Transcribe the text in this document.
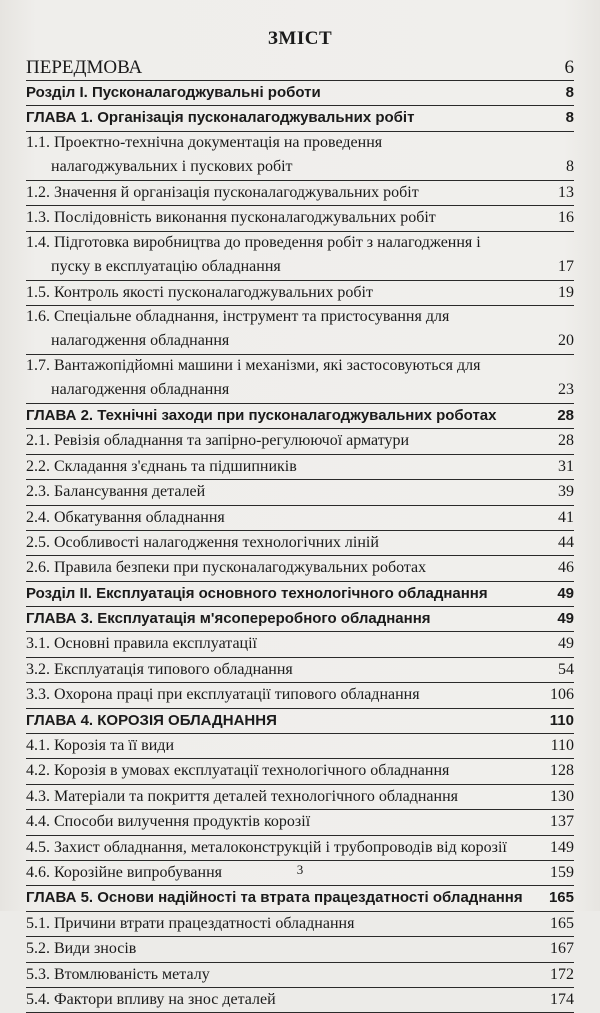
ЗМІСТ
ПЕРЕДМОВА	6
Розділ І. Пусконалагоджувальні роботи	8
ГЛАВА 1. Організація пусконалагоджувальних робіт	8
1.1. Проектно-технічна документація на проведення
налагоджувальних і пускових робіт	8
1.2. Значення й організація пусконалагоджувальних робіт	13
1.3. Послідовність виконання пусконалагоджувальних робіт	16
1.4. Підготовка виробництва до проведення робіт з налагодження і
пуску в експлуатацію обладнання	17
1.5. Контроль якості пусконалагоджувальних робіт	19
1.6. Спеціальне обладнання, інструмент та пристосування для
налагодження обладнання	20
1.7. Вантажопідйомні машини і механізми, які застосовуються для
налагодження обладнання	23
ГЛАВА 2. Технічні заходи при пусконалагоджувальних роботах	28
2.1. Ревізія обладнання та запірно-регулюючої арматури	28
2.2. Складання з'єднань та підшипників	31
2.3. Балансування деталей	39
2.4. Обкатування обладнання	41
2.5. Особливості налагодження технологічних ліній	44
2.6. Правила безпеки при пусконалагоджувальних роботах	46
Розділ ІІ. Експлуатація основного технологічного обладнання	49
ГЛАВА 3. Експлуатація м'ясопереробного обладнання	49
3.1. Основні правила експлуатації	49
3.2. Експлуатація типового обладнання	54
3.3. Охорона праці при експлуатації типового обладнання	106
ГЛАВА 4. КОРОЗІЯ ОБЛАДНАННЯ	110
4.1. Корозія та її види	110
4.2. Корозія в умовах експлуатації технологічного обладнання	128
4.3. Матеріали та покриття деталей технологічного обладнання	130
4.4. Способи вилучення продуктів корозії	137
4.5. Захист обладнання, металоконструкцій і трубопроводів від корозії	149
4.6. Корозійне випробування	159
ГЛАВА 5. Основи надійності та втрата працездатності обладнання 165
5.1. Причини втрати працездатності обладнання	165
5.2. Види зносів	167
5.3. Втомлюваність металу	172
5.4. Фактори впливу на знос деталей	174
3
